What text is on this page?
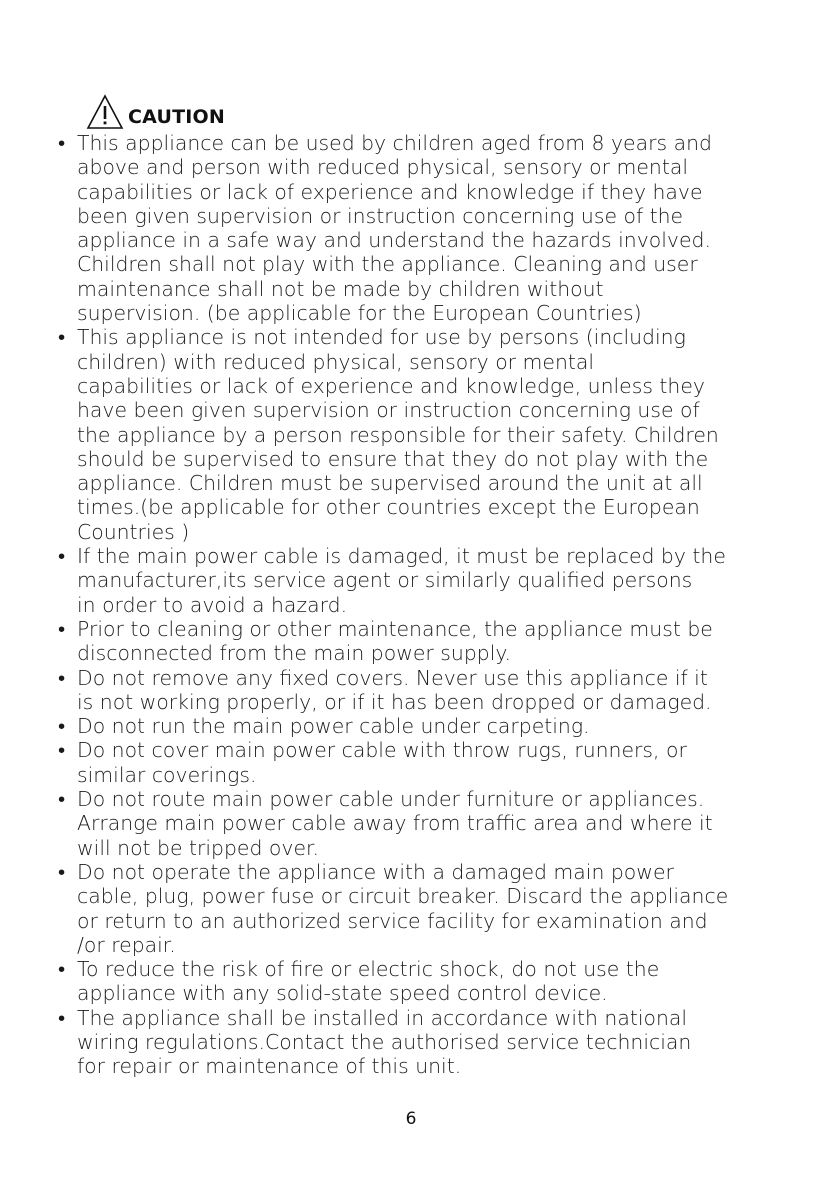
CAUTION
• This appliance can be used by children aged from 8 years and
above and person with reduced physical, sensory or mental
capabilities or lack of experience and knowledge if they have
been given supervision or instruction concerning use of the
appliance in a safe way and understand the hazards involved.
Children shall not play with the appliance. Cleaning and user
maintenance shall not be made by children without
supervision. (be applicable for the European Countries)
• This appliance is not intended for use by persons (including
children) with reduced physical, sensory or mental
capabilities or lack of experience and knowledge, unless they
have been given supervision or instruction concerning use of
the appliance by a person responsible for their safety. Children
should be supervised to ensure that they do not play with the
appliance. Children must be supervised around the unit at all
times.(be applicable for other countries except the European
Countries )
• If the main power cable is damaged, it must be replaced by the
manufacturer,its service agent or similarly qualified persons
in order to avoid a hazard.
• Prior to cleaning or other maintenance, the appliance must be
disconnected from the main power supply.
• Do not remove any fixed covers. Never use this appliance if it
is not working properly, or if it has been dropped or damaged.
• Do not run the main power cable under carpeting.
• Do not cover main power cable with throw rugs, runners, or
similar coverings.
• Do not route main power cable under furniture or appliances.
Arrange main power cable away from traffic area and where it
will not be tripped over.
• Do not operate the appliance with a damaged main power
cable, plug, power fuse or circuit breaker. Discard the appliance
or return to an authorized service facility for examination and
/or repair.
• To reduce the risk of fire or electric shock, do not use the
appliance with any solid-state speed control device.
• The appliance shall be installed in accordance with national
wiring regulations.Contact the authorised service technician
for repair or maintenance of this unit.
6
